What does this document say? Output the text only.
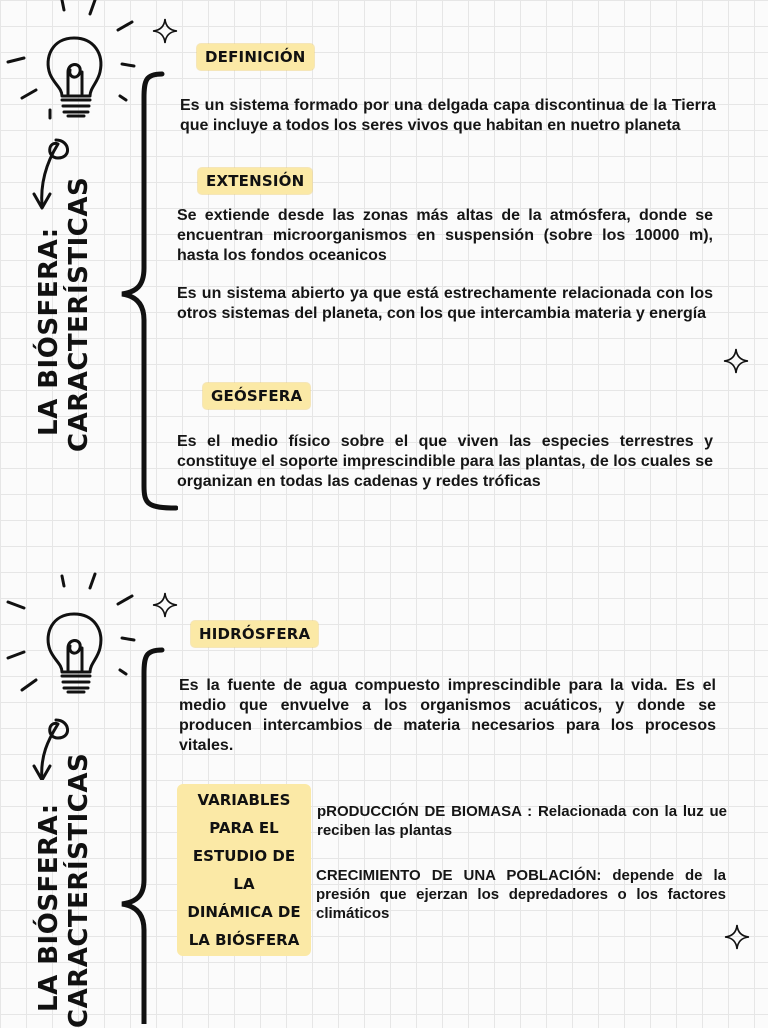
LA BIÓSFERA:
CARACTERÍSTICAS
DEFINICIÓN
Es un sistema formado por una delgada capa discontinua de la Tierra que incluye a todos los seres vivos que habitan en nuetro planeta
EXTENSIÓN
Se extiende desde las zonas más altas de la atmósfera, donde se encuentran microorganismos en suspensión (sobre los 10000 m), hasta los fondos oceanicos
Es un sistema abierto ya que está estrechamente relacionada con los otros sistemas del planeta, con los que intercambia materia y energía
GEÓSFERA
Es el medio físico sobre el que viven las especies terrestres y constituye el soporte imprescindible para las plantas, de los cuales se organizan en todas las cadenas y redes tróficas
LA BIÓSFERA:
CARACTERÍSTICAS
HIDRÓSFERA
Es la fuente de agua compuesto imprescindible para la vida. Es el medio que envuelve a los organismos acuáticos, y donde se producen intercambios de materia necesarios para los procesos vitales.
VARIABLES
PARA EL
ESTUDIO DE LA
DINÁMICA DE
LA BIÓSFERA
pRODUCCIÓN DE BIOMASA : Relacionada con la luz ue reciben las plantas
CRECIMIENTO DE UNA POBLACIÓN: depende de la presión que ejerzan los depredadores o los factores climáticos
